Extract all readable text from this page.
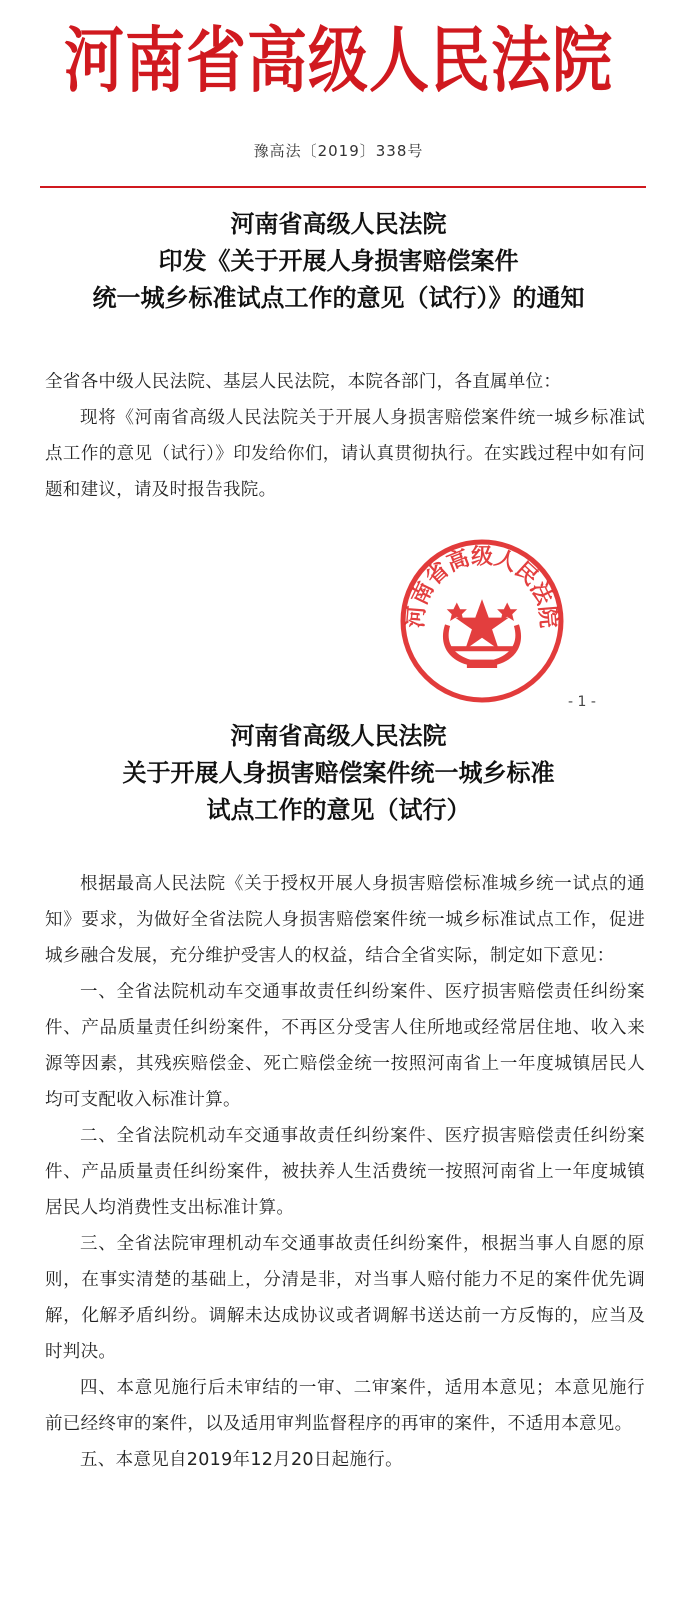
河南省高级人民法院
豫高法〔2019〕338号
河南省高级人民法院
印发《关于开展人身损害赔偿案件
统一城乡标准试点工作的意见（试行）》的通知
全省各中级人民法院、基层人民法院，本院各部门，各直属单位：
现将《河南省高级人民法院关于开展人身损害赔偿案件统一城乡标准试点工作的意见（试行）》印发给你们，请认真贯彻执行。在实践过程中如有问题和建议，请及时报告我院。
河南省高级人民法院
- 1 -
河南省高级人民法院
关于开展人身损害赔偿案件统一城乡标准
试点工作的意见（试行）
根据最高人民法院《关于授权开展人身损害赔偿标准城乡统一试点的通知》要求，为做好全省法院人身损害赔偿案件统一城乡标准试点工作，促进城乡融合发展，充分维护受害人的权益，结合全省实际，制定如下意见：
一、全省法院机动车交通事故责任纠纷案件、医疗损害赔偿责任纠纷案件、产品质量责任纠纷案件，不再区分受害人住所地或经常居住地、收入来源等因素，其残疾赔偿金、死亡赔偿金统一按照河南省上一年度城镇居民人均可支配收入标准计算。
二、全省法院机动车交通事故责任纠纷案件、医疗损害赔偿责任纠纷案件、产品质量责任纠纷案件，被扶养人生活费统一按照河南省上一年度城镇居民人均消费性支出标准计算。
三、全省法院审理机动车交通事故责任纠纷案件，根据当事人自愿的原则，在事实清楚的基础上，分清是非，对当事人赔付能力不足的案件优先调解，化解矛盾纠纷。调解未达成协议或者调解书送达前一方反悔的，应当及时判决。
四、本意见施行后未审结的一审、二审案件，适用本意见；本意见施行前已经终审的案件，以及适用审判监督程序的再审的案件，不适用本意见。
五、本意见自2019年12月20日起施行。
